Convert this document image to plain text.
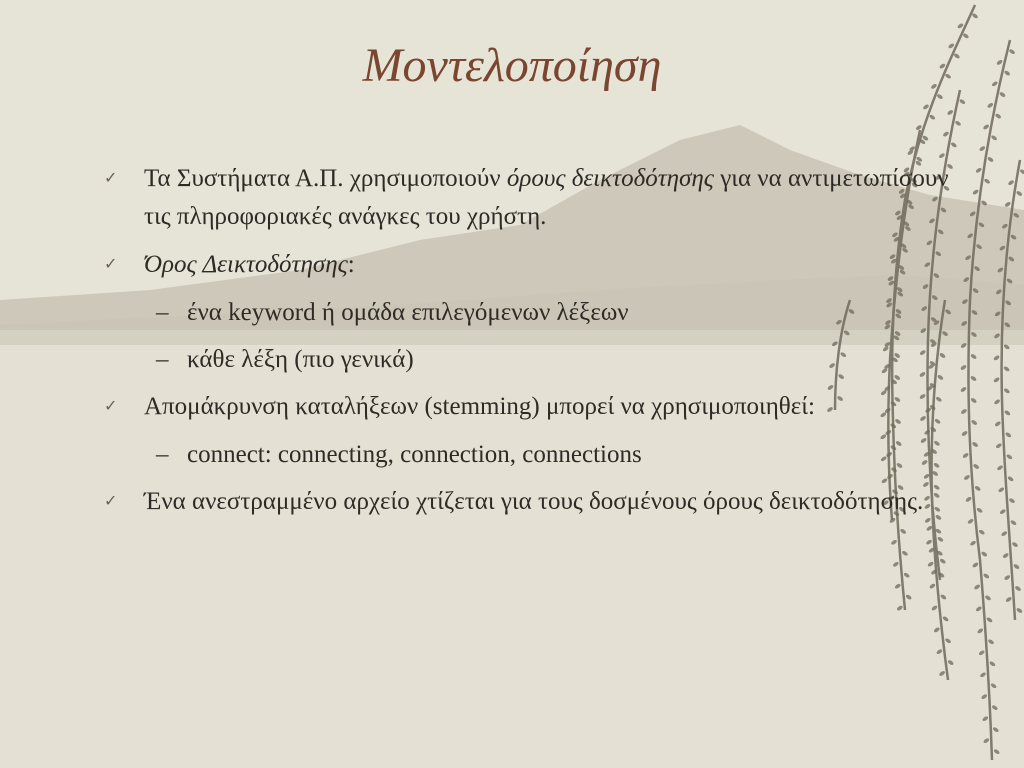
Μοντελοποίηση
✓ Τα Συστήματα Α.Π. χρησιμοποιούν όρους δεικτοδότησης για να αντιμετωπίσουν τις πληροφοριακές ανάγκες του χρήστη.
✓ Όρος Δεικτοδότησης:
– ένα keyword ή ομάδα επιλεγόμενων λέξεων
– κάθε λέξη (πιο γενικά)
✓ Απομάκρυνση καταλήξεων (stemming) μπορεί να χρησιμοποιηθεί:
– connect: connecting, connection, connections
✓ Ένα ανεστραμμένο αρχείο χτίζεται για τους δοσμένους όρους δεικτοδότησης.
